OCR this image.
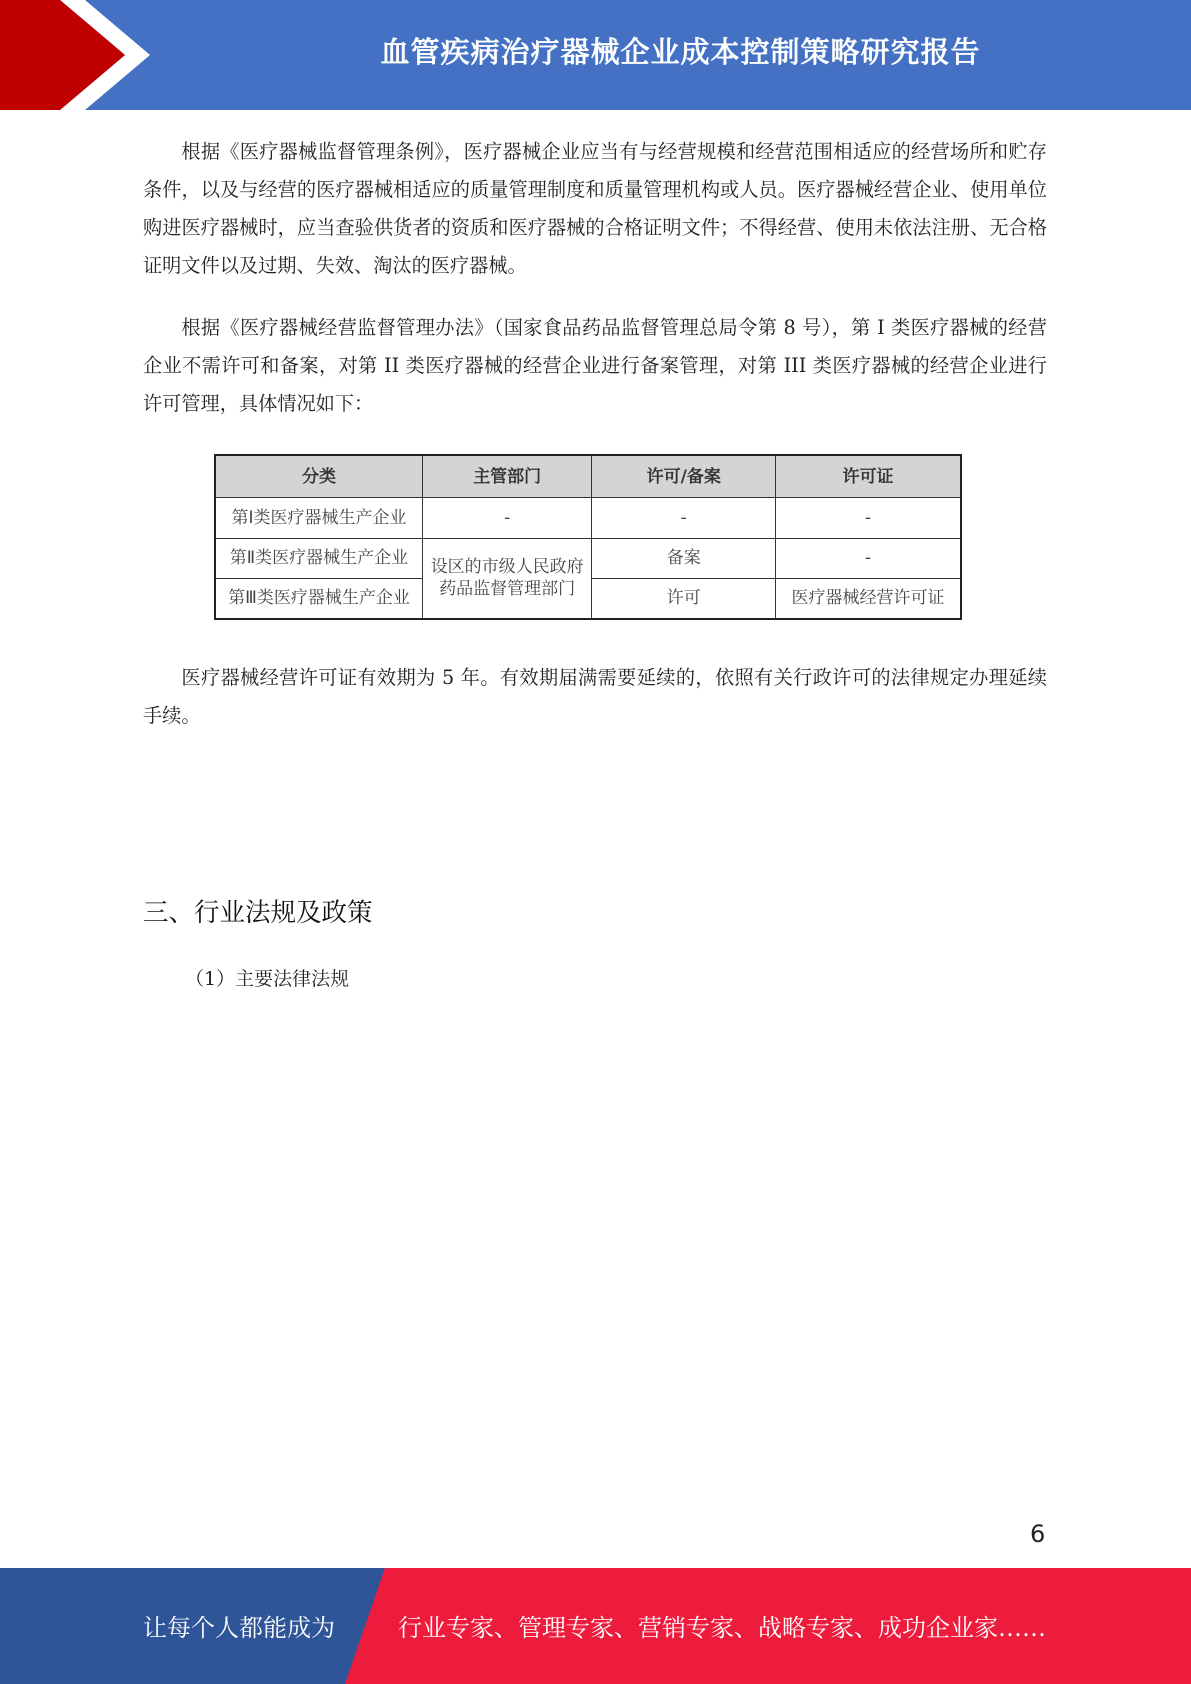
血管疾病治疗器械企业成本控制策略研究报告

根据《医疗器械监督管理条例》，医疗器械企业应当有与经营规模和经营范围相适应的经营场所和贮存条件，以及与经营的医疗器械相适应的质量管理制度和质量管理机构或人员。医疗器械经营企业、使用单位购进医疗器械时，应当查验供货者的资质和医疗器械的合格证明文件；不得经营、使用未依法注册、无合格证明文件以及过期、失效、淘汰的医疗器械。

根据《医疗器械经营监督管理办法》（国家食品药品监督管理总局令第 8 号），第 I 类医疗器械的经营企业不需许可和备案，对第 II 类医疗器械的经营企业进行备案管理，对第 III 类医疗器械的经营企业进行许可管理，具体情况如下：

分类	主管部门	许可/备案	许可证
第Ⅰ类医疗器械生产企业	-	-	-
第Ⅱ类医疗器械生产企业	设区的市级人民政府药品监督管理部门	备案	-
第Ⅲ类医疗器械生产企业		许可	医疗器械经营许可证

医疗器械经营许可证有效期为 5 年。有效期届满需要延续的，依照有关行政许可的法律规定办理延续手续。

三、行业法规及政策
（1）主要法律法规
6
让每个人都能成为	行业专家、管理专家、营销专家、战略专家、成功企业家……
